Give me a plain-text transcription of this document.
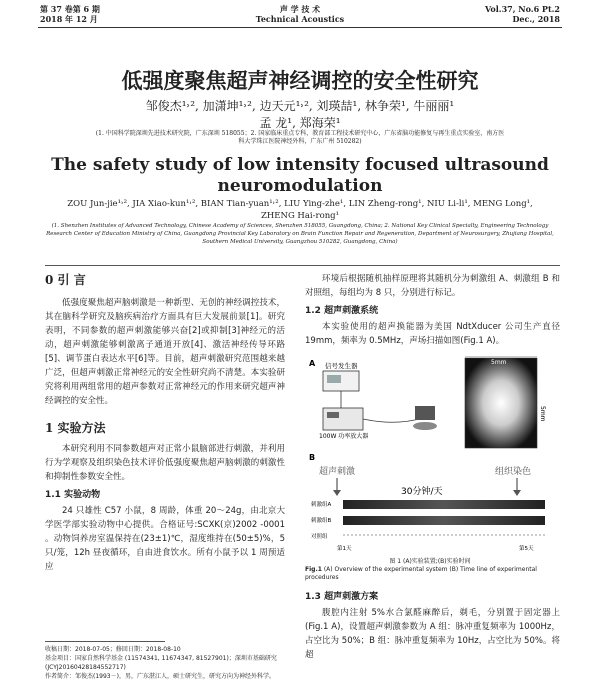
第 37 卷第 6 期
2018 年 12 月
声 学 技 术
Technical Acoustics
Vol.37, No.6 Pt.2
Dec., 2018
低强度聚焦超声神经调控的安全性研究
邹俊杰¹˒², 加潇坤¹˒², 边天元¹˒², 刘瑛喆¹, 林争荣¹, 牛丽丽¹
孟 龙¹, 郑海荣¹
(1. 中国科学院深圳先进技术研究院，广东深圳 518055；2. 国家临床重点专科，教育部工程技术研究中心，广东省脑功能修复与再生重点实验室，南方医科大学珠江医院神经外科，广东广州 510282)
The safety study of low intensity focused ultrasound neuromodulation
ZOU Jun-jie¹˒², JIA Xiao-kun¹˒², BIAN Tian-yuan¹˒², LIU Ying-zhe¹, LIN Zheng-rong¹, NIU Li-li¹, MENG Long¹, ZHENG Hai-rong¹
(1. Shenzhen Institutes of Advanced Technology, Chinese Academy of Sciences, Shenzhen 518055, Guangdong, China; 2. National Key Clinical Specialty, Engineering Technology Research Center of Education Ministry of China, Guangdong Provincial Key Laboratory on Brain Function Repair and Regeneration, Department of Neurosurgery, Zhujiang Hospital, Southern Medical University, Guangzhou 510282, Guangdong, China)
0 引 言

低强度聚焦超声脑刺激是一种新型、无创的神经调控技术，其在脑科学研究及脑疾病治疗方面具有巨大发展前景[1]。研究表明，不同参数的超声刺激能够兴奋[2]或抑制[3]神经元的活动，超声刺激能够刺激离子通道开放[4]、激活神经传导环路[5]、调节蛋白表达水平[6]等。目前，超声刺激研究范围越来越广泛，但超声刺激正常神经元的安全性研究尚不清楚。本实验研究将利用两组常用的超声参数对正常神经元的作用来研究超声神经调控的安全性。

1 实验方法

本研究利用不同参数超声对正常小鼠脑部进行刺激，并利用行为学观察及组织染色技术评价低强度聚焦超声脑刺激的刺激性和抑制性参数安全性。

1.1 实验动物

24 只雄性 C57 小鼠，8 周龄，体重 20～24g，由北京大学医学部实验动物中心提供。合格证号:SCXK(京)2002 -0001 。动物饲养房室温保持在(23±1)℃，湿度维持在(50±5)%，5 只/笼，12h 昼夜循环，自由进食饮水。所有小鼠予以 1 周预适应

收稿日期：2018-07-05；修回日期：2018-08-10
基金项目：国家自然科学基金 (11574341, 11674347, 81527901)；深圳市基础研究 (JCYJ20160428184552717)
作者简介：邹俊杰(1993－)，男，广东湛江人，硕士研究生，研究方向为神经外科学。

环境后根据随机抽样原理将其随机分为刺激组 A、刺激组 B 和对照组，每组均为 8 只，分别进行标记。

1.2 超声刺激系统

本实验使用的超声换能器为美国 NdtXducer 公司生产直径 19mm，频率为 0.5MHz，声场扫描如图(Fig.1 A)。

A 信号发生器
100W 功率放大器
5mm
5mm
B
超声刺激	组织染色
30分钟/天
刺激组A
刺激组B
对照组
第1天	第5天
图 1 (A)实验装置;(B)实验时间
Fig.1 (A) Overview of the experimental system (B) Time line of experimental procedures
1.3 超声刺激方案

腹腔内注射 5%水合氯醛麻醉后，剃毛，分别置于固定器上 (Fig.1 A)，设置超声刺激参数为 A 组：脉冲重复频率为 1000Hz，占空比为 50%；B 组：脉冲重复频率为 10Hz，占空比为 50%。将超
